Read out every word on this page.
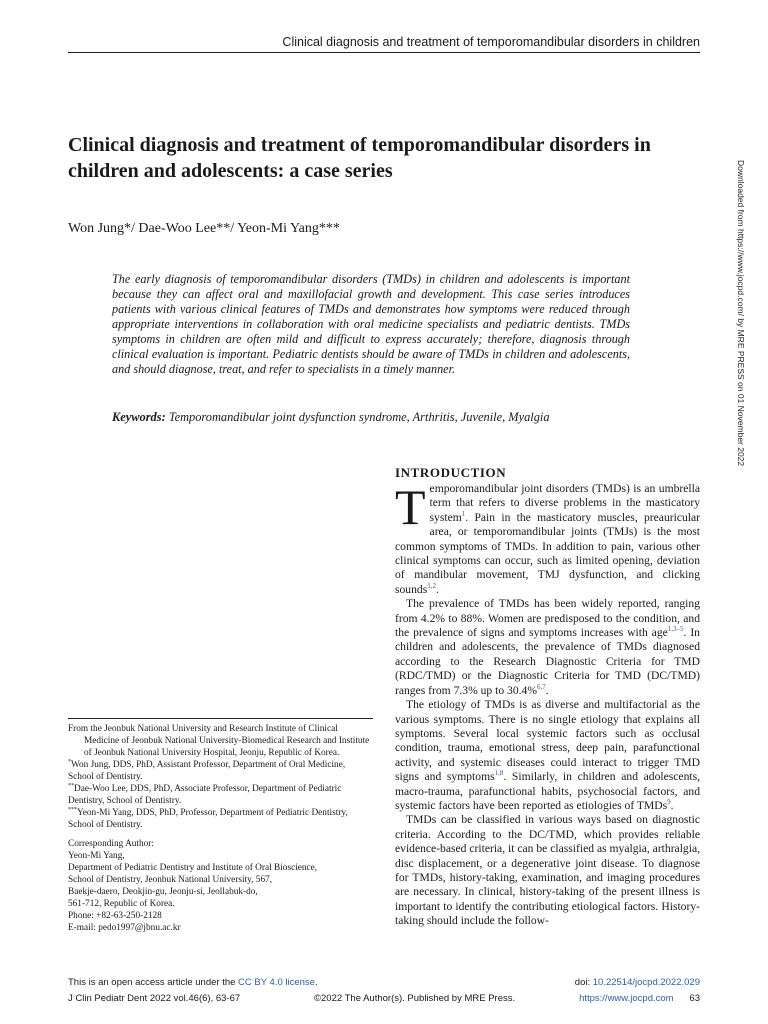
Clinical diagnosis and treatment of temporomandibular disorders in children
Clinical diagnosis and treatment of temporomandibular disorders in children and adolescents: a case series
Won Jung*/ Dae-Woo Lee**/ Yeon-Mi Yang***
The early diagnosis of temporomandibular disorders (TMDs) in children and adolescents is important because they can affect oral and maxillofacial growth and development. This case series introduces patients with various clinical features of TMDs and demonstrates how symptoms were reduced through appropriate interventions in collaboration with oral medicine specialists and pediatric dentists. TMDs symptoms in children are often mild and difficult to express accurately; therefore, diagnosis through clinical evaluation is important. Pediatric dentists should be aware of TMDs in children and adolescents, and should diagnose, treat, and refer to specialists in a timely manner.
Keywords: Temporomandibular joint dysfunction syndrome, Arthritis, Juvenile, Myalgia	Downloaded from https://www.jocpd.com/ by MRE PRESS on 01 November 2022
INTRODUCTION

Temporomandibular joint disorders (TMDs) is an umbrella term that refers to diverse problems in the masticatory system$^1$. Pain in the masticatory muscles, preauricular area, or temporomandibular joints (TMJs) is the most common symptoms of TMDs. In addition to pain, various other clinical symptoms can occur, such as limited opening, deviation of mandibular movement, TMJ dysfunction, and clicking sounds$^{1,2}$.

The prevalence of TMDs has been widely reported, ranging from 4.2% to 88%. Women are predisposed to the condition, and the prevalence of signs and symptoms increases with age$^{1,3-5}$. In children and adolescents, the prevalence of TMDs diagnosed according to the Research Diagnostic Criteria for TMD (RDC/TMD) or the Diagnostic Criteria for TMD (DC/TMD) ranges from 7.3% up to 30.4%$^{6,7}$.

The etiology of TMDs is as diverse and multifactorial as the various symptoms. There is no single etiology that explains all symptoms. Several local systemic factors such as occlusal condition, trauma, emotional stress, deep pain, parafunctional activity, and systemic diseases could interact to trigger TMD signs and symptoms$^{1,8}$. Similarly, in children and adolescents, macro-trauma, parafunctional habits, psychosocial factors, and systemic factors have been reported as etiologies of TMDs$^9$.

TMDs can be classified in various ways based on diagnostic criteria. According to the DC/TMD, which provides reliable evidence-based criteria, it can be classified as myalgia, arthralgia, disc displacement, or a degenerative joint disease. To diagnose for TMDs, history-taking, examination, and imaging procedures are necessary. In clinical, history-taking of the present illness is important to identify the contributing etiological factors. History-taking should include the follow-

From the Jeonbuk National University and Research Institute of Clinical Medicine of Jeonbuk National University-Biomedical Research and Institute of Jeonbuk National University Hospital, Jeonju, Republic of Korea.

*Won Jung, DDS, PhD, Assistant Professor, Department of Oral Medicine, School of Dentistry.

**Dae-Woo Lee, DDS, PhD, Associate Professor, Department of Pediatric Dentistry, School of Dentistry.

***Yeon-Mi Yang, DDS, PhD, Professor, Department of Pediatric Dentistry, School of Dentistry.

Corresponding Author:

Yeon-Mi Yang,

Department of Pediatric Dentistry and Institute of Oral Bioscience,

School of Dentistry, Jeonbuk National University, 567,

Baekje-daero, Deokjin-gu, Jeonju-si, Jeollabuk-do,

561-712, Republic of Korea.

Phone: +82-63-250-2128

E-mail: pedo1997@jbnu.ac.kr

This is an open access article under the CC BY 4.0 license.	doi: 10.22514/jocpd.2022.029
J Clin Pediatr Dent 2022 vol.46(6), 63-67	©2022 The Author(s). Published by MRE Press.	https://www.jocpd.com 63
